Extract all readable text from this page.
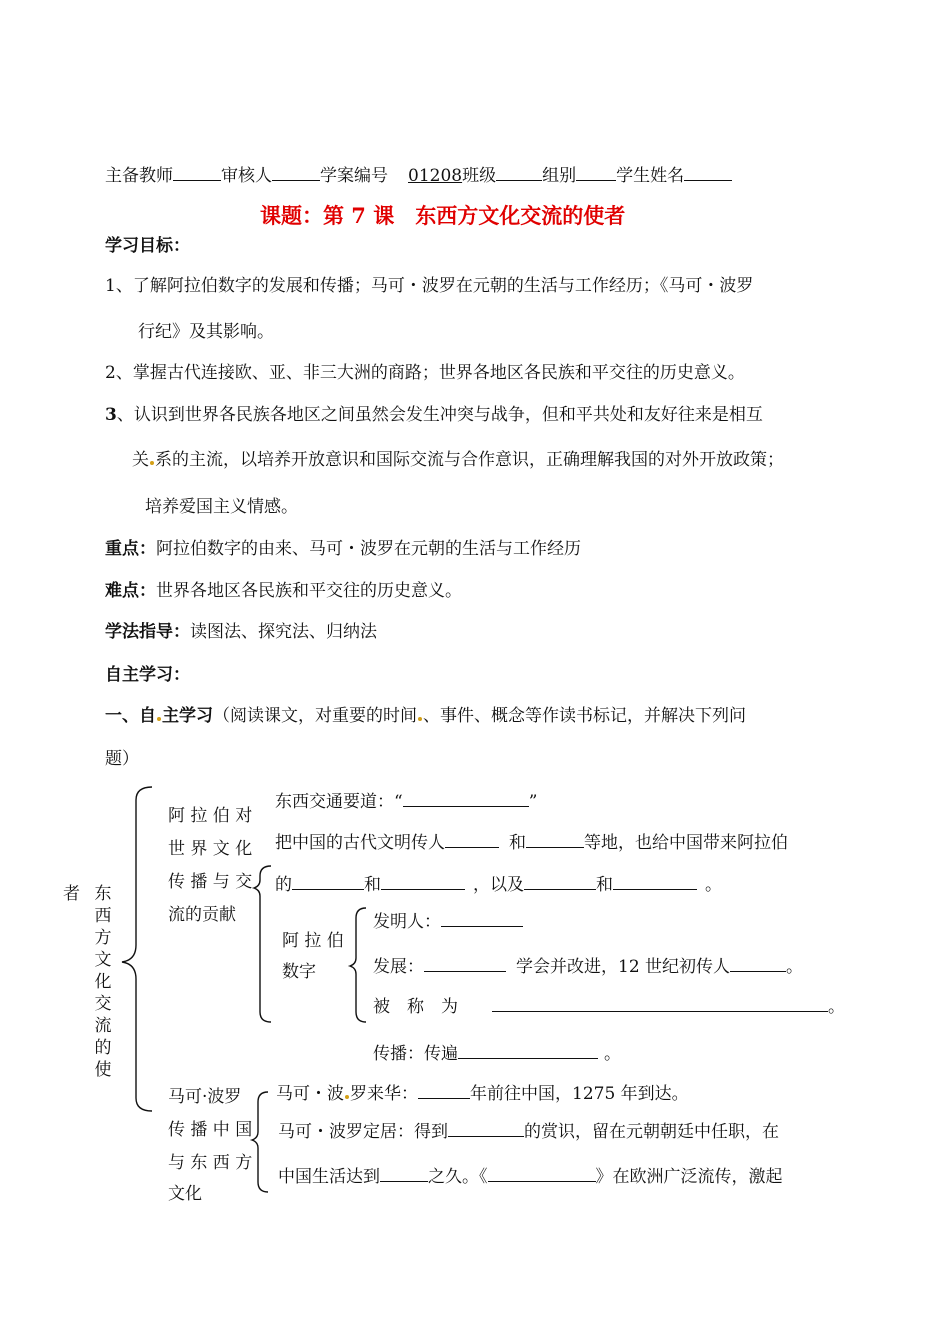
主备教师	审核人	学案编号 01208班级	组别 学生姓名
课题：第 7 课　东西方文化交流的使者
学习目标：
1、了解阿拉伯数字的发展和传播；马可・波罗在元朝的生活与工作经历；《马可・波罗
行纪》及其影响。
2、掌握古代连接欧、亚、非三大洲的商路；世界各地区各民族和平交往的历史意义。
3、认识到世界各民族各地区之间虽然会发生冲突与战争，但和平共处和友好往来是相互
关 系的主流，以培养开放意识和国际交流与合作意识，正确理解我国的对外开放政策；
培养爱国主义情感。
重点：阿拉伯数字的由来、马可・波罗在元朝的生活与工作经历
难点：世界各地区各民族和平交往的历史意义。
学法指导：读图法、探究法、归纳法
自主学习：
一、自 主学习（阅读课文，对重要的时间 、事件、概念等作读书标记，并解决下列问
题）
者 东西方文化交流的使
阿 拉 伯 对
世 界 文 化
传 播 与 交
流的贡献
东西交通要道：“	”
把中国的古代文明传人	和	等地，也给中国带来阿拉伯
的	和	，以及	和	。
阿 拉 伯
数字
发明人：
发展：	学会并改进，12 世纪初传人	。
被　称　为	。
传播：传遍	。
马可·波罗
传 播 中 国
与 东 西 方
文化
马可・波 罗来华：	年前往中国，1275 年到达。
马可・波罗定居：得到	的赏识，留在元朝朝廷中任职，在
中国生活达到	之久。《	》在欧洲广泛流传，激起
